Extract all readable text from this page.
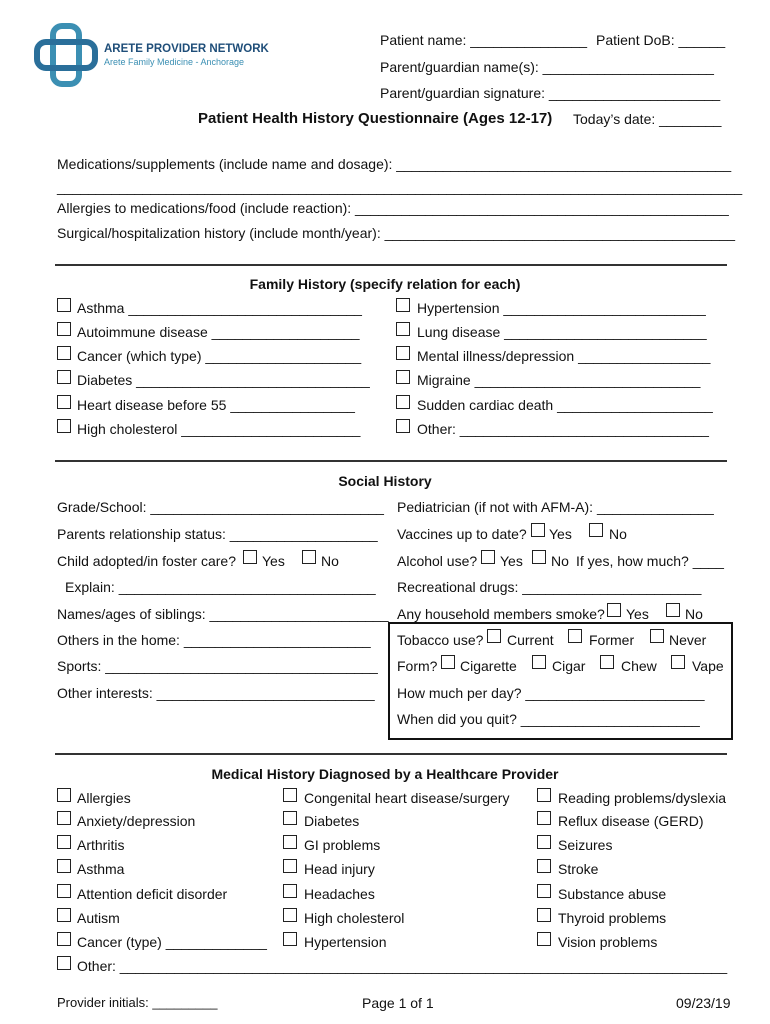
ARETE PROVIDER NETWORK
Arete Family Medicine - Anchorage
Patient name: _______________ Patient DoB: ______
Parent/guardian name(s): ______________________
Parent/guardian signature: ______________________
Patient Health History Questionnaire (Ages 12-17) Today’s date: ________
Medications/supplements (include name and dosage): ___________________________________________
________________________________________________________________________________________
Allergies to medications/food (include reaction): ________________________________________________
Surgical/hospitalization history (include month/year): _____________________________________________
Family History (specify relation for each)
Asthma ______________________________
Autoimmune disease ___________________
Cancer (which type) ____________________
Diabetes ______________________________
Heart disease before 55 ________________
High cholesterol _______________________
Hypertension __________________________
Lung disease __________________________
Mental illness/depression _________________
Migraine _____________________________
Sudden cardiac death ____________________
Other: ________________________________
Social History
Grade/School: ______________________________ Pediatrician (if not with AFM-A): _______________
Parents relationship status: ___________________ Vaccines up to date? Yes	No
Child adopted/in foster care? Yes	No	Alcohol use? Yes No If yes, how much? ____
Explain: _________________________________ Recreational drugs: _______________________
Names/ages of siblings: _______________________ Any household members smoke? Yes	No
Others in the home: ________________________ Tobacco use? Current	Former Never
Sports: ___________________________________ Form? Cigarette	Cigar	Chew	Vape
Other interests: ____________________________ How much per day? _______________________
When did you quit? _______________________
Medical History Diagnosed by a Healthcare Provider
Allergies
Anxiety/depression
Arthritis
Asthma
Attention deficit disorder
Autism
Cancer (type) _____________
Congenital heart disease/surgery
Diabetes
GI problems
Head injury
Headaches
High cholesterol
Hypertension
Reading problems/dyslexia
Reflux disease (GERD)
Seizures
Stroke
Substance abuse
Thyroid problems
Vision problems
Other: ______________________________________________________________________________
Provider initials: _________	Page 1 of 1	09/23/19
